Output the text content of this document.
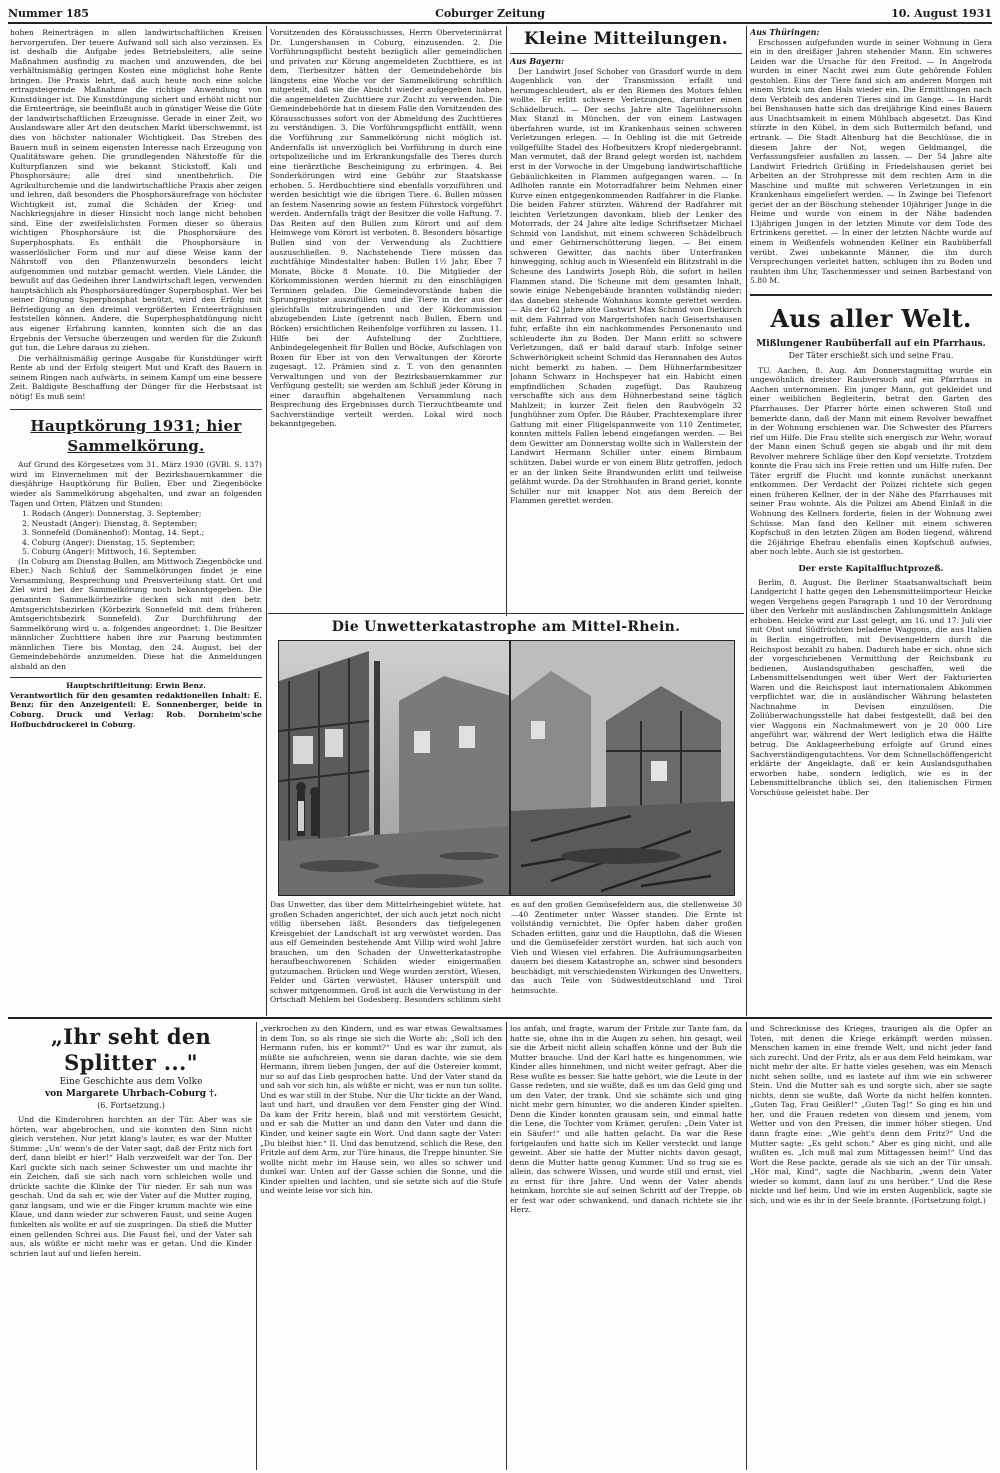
Nummer 185	Coburger Zeitung	10. August 1931

hohen Reinerträgen in allen landwirtschaftlichen Kreisen hervorgerufen. Der teuere Aufwand soll sich also verzinsen. Es ist deshalb die Aufgabe jedes Betriebsleiters, alle seine Maßnahmen ausfindig zu machen und anzuwenden, die bei verhältnismäßig geringen Kosten eine möglichst hohe Rente bringen. Die Praxis lehrt, daß auch heute noch eine solche ertragsteigernde Maßnahme die richtige Anwendung von Kunstdünger ist. Die Kunstdüngung sichert und erhöht nicht nur die Ernteerträge, sie beeinflußt auch in günstiger Weise die Güte der landwirtschaftlichen Erzeugnisse. Gerade in einer Zeit, wo Auslandsware aller Art den deutschen Markt überschwemmt, ist dies von höchster nationaler Wichtigkeit. Das Streben des Bauern muß in seinem eigensten Interesse nach Erzeugung von Qualitätsware gehen. Die grundlegenden Nährstoffe für die Kulturpflanzen sind wie bekannt Stickstoff, Kali und Phosphorsäure; alle drei sind unentbehrlich. Die Agrikulturchemie und die landwirtschaftliche Praxis aber zeigen und lehren, daß besonders die Phosphorsäurefrage von höchster Wichtigkeit ist, zumal die Schäden der Krieg- und Nachkriegsjahre in dieser Hinsicht noch lange nicht behoben sind. Eine der zweifelslichsten Formen dieser so überaus wichtigen Phosphorsäure ist die Phosphorsäure des Superphosphats. Es enthält die Phosphorsäure in wasserlöslicher Form und nur auf diese Weise kann der Nährstoff von den Pflanzenwurzeln besonders leicht aufgenommen und nutzbar gemacht werden. Viele Länder, die bewußt auf das Gedeihen ihrer Landwirtschaft legen, verwenden hauptsächlich als Phosphorsäuredünger Superphosphat. Wer bei seiner Düngung Superphosphat benützt, wird den Erfolg mit Befriedigung an den dreimal vergrößerten Ernteerträgnissen feststellen können. Andere, die Superphosphatdüngung nicht aus eigener Erfahrung kannten, konnten sich die an das Ergebnis der Versuche überzeugen und werden für die Zukunft gut tun, die Lehre daraus zu ziehen.

Die verhältnismäßig geringe Ausgabe für Kunstdünger wirft Rente ab und der Erfolg steigert Mut und Kraft des Bauern in seinem Ringen nach aufwärts, in seinem Kampf um eine bessere Zeit. Baldigste Beschaffung der Dünger für die Herbstsaat ist nötig! Es muß sein!

Hauptkörung 1931; hier Sammelkörung.

Auf Grund des Körgesetzes vom 31. März 1930 (GVBl. S. 137) wird im Einvernehmen mit der Bezirksbauernkammer die diesjährige Hauptkörung für Bullen, Eber und Ziegenböcke wieder als Sammelkörung abgehalten, und zwar an folgenden Tagen und Orten, Plätzen und Stunden:

1. Rodach (Anger): Donnerstag, 3. September;
2. Neustadt (Anger): Dienstag, 8. September;
3. Sonnefeld (Domänenhof): Montag, 14. Sept.;
4. Coburg (Anger): Dienstag, 15. September;
5. Coburg (Anger): Mittwoch, 16. September.

(In Coburg am Dienstag Bullen, am Mittwoch Ziegenböcke und Eber.) Nach Schluß der Sammelkörungen findet je eine Versammlung, Besprechung und Preisverteilung statt. Ort und Ziel wird bei der Sammelkörung noch bekanntgegeben. Die genannten Sammelkörbezirke decken sich mit den betr. Amtsgerichtsbezirken (Körbezirk Sonnefeld mit dem früheren Amtsgerichtsbezirk Sonnefeld). Zur Durchführung der Sammelkörung wird u. a. folgendes angeordnet: 1. Die Besitzer männlicher Zuchttiere haben ihre zur Paarung bestimmten männlichen Tiere bis Montag, den 24. August, bei der Gemeindebehörde anzumelden. Diese hat die Anmeldungen alsbald an den

Hauptschriftleitung: Erwin Benz.

Verantwortlich für den gesamten redaktionellen Inhalt: E. Benz; für den Anzeigenteil: E. Sonnenberger, beide in Coburg. Druck und Verlag: Rob. Dornheim'sche Hofbuchdruckerei in Coburg.

Vorsitzenden des Körausschusses, Herrn Oberveterinärrat Dr. Lungershausen in Coburg, einzusenden. 2. Die Vorführungspflicht besteht bezüglich aller gemeindlichen und privaten zur Körung angemeldeten Zuchttiere, es ist dem, Tierbesitzer hätten der Gemeindebehörde bis längstens eine Woche vor der Sammelkörung schriftlich mitgeteilt, daß sie die Absicht wieder aufgegeben haben, die angemeldeten Zuchttiere zur Zucht zu verwenden. Die Gemeindebehörde hat in diesem Falle den Vorsitzenden des Körausschusses sofort von der Abmeldung des Zuchttieres zu verständigen. 3. Die Vorführungspflicht entfällt, wenn die Vorführung zur Sammelkörung nicht möglich ist. Andernfalls ist unverzüglich bei Vorführung in durch eine ortspolizeiliche und im Erkrankungsfalle des Tieres durch eine tierärztliche Bescheinigung zu erbringen. 4. Bei Sonderkörungen wird eine Gebühr zur Staatskasse erhoben. 5. Herdbuchtiere sind ebenfalls vorzuführen und werden besichtigt wie die übrigen Tiere. 6. Bullen müssen an festem Nasenring sowie an festem Führstock vorgeführt werden. Andernfalls trägt der Besitzer die volle Haftung. 7. Das Reiten auf den Bullen zum Körort und auf dem Heimwege vom Körort ist verboten. 8. Besonders bösartige Bullen sind von der Verwendung als Zuchttiere auszuschließen. 9. Nachstehende Tiere müssen das zuchtfähige Mindestalter haben: Bullen 1½ Jahr, Eber 7 Monate, Böcke 8 Monate. 10. Die Mitglieder der Körkommissionen werden hiermit zu den einschlägigen Terminen geladen. Die Gemeindevorstände haben die Sprungregister auszufüllen und die Tiere in der aus der gleichfalls mitzubringenden und der Körkommission abzugebenden Liste (getrennt nach Bullen, Ebern und Böcken) ersichtlichen Reihenfolge vorführen zu lassen. 11. Hilfe bei der Aufstellung der Zuchttiere, Anbindegelegenheit für Bullen und Böcke, Aufschlagen von Boxen für Eber ist von den Verwaltungen der Körorte zugesagt. 12. Prämien sind z. T. von den genannten Verwaltungen und von der Bezirksbauernkammer zur Verfügung gestellt; sie werden am Schluß jeder Körung in einer daraufhin abgehaltenen Versammlung nach Besprechung des Ergebnisses durch Tierzuchtbeamte und Sachverständige verteilt werden. Lokal wird noch bekanntgegeben.

Kleine Mitteilungen.
Aus Bayern:

Der Landwirt Josef Schober von Grasdorf wurde in dem Augenblick von der Transmission erfaßt und herumgeschleudert, als er den Riemen des Motors fehlen wollte. Er erlitt schwere Verletzungen, darunter einen Schädelbruch. — Der sechs Jahre alte Tagelöhnerssohn Max Stanzl in München, der von einem Lastwagen überfahren wurde, ist im Krankenhaus seinen schweren Verletzungen erlegen. — In Oebling ist die mit Getreide vollgefüllte Stadel des Hofbesitzers Kropf niedergebrannt. Man vermutet, daß der Brand gelegt worden ist, nachdem erst in der Vorwoche in der Umgebung landwirtschaftliche Gebäulichkeiten in Flammen aufgegangen waren. — In Adlhofen rannte ein Motorradfahrer beim Nehmen einer Kurve einen entgegenkommenden Radfahrer in die Flanke. Die beiden Fahrer stürzten. Während der Radfahrer mit leichten Verletzungen davonkam, blieb der Lenker des Motorrads, der 24 Jahre alte ledige Schriftsetzer Michael Schmid von Landshut, mit einem schweren Schädelbruch und einer Gehirnerschütterung liegen. — Bei einem schweren Gewitter, das nachts über Unterfranken hinwegging, schlug auch in Wiesenfeld ein Blitzstrahl in die Scheune des Landwirts Joseph Rüb, die sofort in hellen Flammen stand. Die Scheune mit dem gesamten Inhalt, sowie einige Nebengebäude brannten vollständig nieder; das daneben stehende Wohnhaus konnte gerettet werden. — Als der 62 Jahre alte Gastwirt Max Schmid von Dietkirch mit dem Fahrrad von Margertshofen nach Geisertshausen fuhr, erfaßte ihn ein nachkommendes Personenauto und schleuderte ihn zu Boden. Der Mann erlitt so schwere Verletzungen, daß er bald darauf starb. Infolge seiner Schwerhörigkeit scheint Schmid das Herannahen des Autos nicht bemerkt zu haben. — Dem Hühnerfarmbesitzer Johann Schwarz in Hochspeyer hat ein Habicht einen empfindlichen Schaden zugefügt. Das Raubzeug verschaffte sich aus dem Hühnerbestand seine täglich Mahlzeit; in kurzer Zeit fielen den Raubvögeln 32 Junghühner zum Opfer. Die Räuber, Prachtexemplare ihrer Gattung mit einer Flügelspannweite von 110 Zentimeter, konnten mittels Fallen lebend eingefangen werden. — Bei dem Gewitter am Donnerstag wollte sich in Wallerstein der Landwirt Hermann Schiller unter einem Birnbaum schützen. Dabei wurde er von einem Blitz getroffen, jedoch er an der linken Seite Brandwunden erlitt und teilweise gelähmt wurde. Da der Strohhaufen in Brand geriet, konnte Schiller nur mit knapper Not aus dem Bereich der Flammen gerettet werden.

Aus Thüringen:

Erschossen aufgefunden wurde in seiner Wohnung in Gera ein in den dreißiger Jahren stehender Mann. Ein schweres Leiden war die Ursache für den Freitod. — In Angelroda wurden in einer Nacht zwei zum Gute gehörende Fohlen gestohlen. Eins der Tiere fand sich am anderen Morgen mit einem Strick um den Hals wieder ein. Die Ermittlungen nach dem Verbleib des anderen Tieres sind im Gange. — In Hardt bei Benshausen hatte sich das dreijährige Kind eines Bauern aus Unachtsamkeit in einem Mühlbach abgesetzt. Das Kind stürzte in den Kübel, in dem sich Buttermilch befand, und ertrank. — Die Stadt Altenburg hat die Beschlüsse, die in diesem Jahre der Not, wegen Geldmangel, die Verfassungsfeier ausfallen zu lassen. — Der 54 Jahre alte Landwirt Friedrich Grüßing in Friedelshausen geriet bei Arbeiten an der Strohpresse mit dem rechten Arm in die Maschine und mußte mit schweren Verletzungen in ein Krankenhaus eingeliefert werden. — In Zwinge bei Tiefenort geriet der an der Böschung stehender 10jähriger Junge in die Heime und wurde von einem in der Nähe badenden 13jährigen Jungen in der letzten Minute vor dem Tode des Ertrinkens gerettet. — In einer der letzten Nächte wurde auf einem in Weißenfels wohnenden Kellner ein Raubüberfall verübt. Zwei unbekannte Männer, die ihn durch Versprechungen verleitet hatten, schlugen ihn zu Boden und raubten ihm Uhr, Taschenmesser und seinen Barbestand von 5.80 M.

Aus aller Welt.
Mißlungener Raubüberfall auf ein Pfarrhaus.
Der Täter erschießt sich und seine Frau.

TU. Aachen, 8. Aug. Am Donnerstagmittag wurde ein ungewöhnlich dreister Raubversuch auf ein Pfarrhaus in Aachen unternommen. Ein junger Mann, gut gekleidet und einer weiblichen Begleiterin, betrat den Garten des Pfarrhauses. Der Pfarrer hörte einen schweren Stoß und bemerkte dann, daß der Mann mit einem Revolver bewaffnet in der Wohnung erschienen war. Die Schwester des Pfarrers rief um Hilfe. Die Frau stellte sich energisch zur Wehr, worauf der Mann einen Schuß gegen sie abgab und ihr mit dem Revolver mehrere Schläge über den Kopf versetzte. Trotzdem konnte die Frau sich ins Freie retten und um Hilfe rufen. Der Täter ergriff die Flucht und konnte zunächst unerkannt entkommen. Der Verdacht der Polizei richtete sich gegen einen früheren Kellner, der in der Nähe des Pfarrhauses mit seiner Frau wohnte. Als die Polizei am Abend Einlaß in die Wohnung des Kellners forderte, fielen in der Wohnung zwei Schüsse. Man fand den Kellner mit einem schweren Kopfschuß in den letzten Zügen am Boden liegend, während die 26jährige Ehefrau ebenfalls einen Kopfschuß aufwies, aber noch lebte. Auch sie ist gestorben.

Der erste Kapitalfluchtprozeß.

Berlin, 8. August. Die Berliner Staatsanwaltschaft beim Landgericht I hatte gegen den Lebensmittelimporteur Heicke wegen Vergehens gegen Paragraph 1 und 10 der Verordnung über den Verkehr mit ausländischen Zahlungsmitteln Anklage erhoben. Heicke wird zur Last gelegt, am 16. und 17. Juli vier mit Obst und Südfrüchten beladene Waggons, die aus Italien in Berlin eingetroffen, mit Devisengeldern durch die Reichspost bezahlt zu haben. Dadurch habe er sich, ohne sich der vorgeschriebenen Vermittlung der Reichsbank zu bedienen, Auslandsguthaben geschaffen, weil die Lebensmittelsendungen weit über Wert der Fakturierten Waren und die Reichspost laut internationalem Abkommen verpflichtet war, die in ausländischer Währung belasteten Nachnahme in Devisen einzulösen. Die Zollüberwachungsstelle hat dabei festgestellt, daß bei den vier Waggons ein Nachnahmewert von je 20 000 Lire angeführt war, während der Wert lediglich etwa die Hälfte betrug. Die Anklageerhebung erfolgte auf Grund eines Sachverständigengutachtens. Vor dem Schnellschöffengericht erklärte der Angeklagte, daß er kein Auslandsguthaben erworben habe, sondern lediglich, wie es in der Lebensmittelbranche üblich sei, den italienischen Firmen Vorschüsse geleistet habe. Der

Die Unwetterkatastrophe am Mittel-Rhein.
Das Unwetter, das über dem Mittelrheingebiet wütete, hat großen Schaden angerichtet, der sich auch jetzt noch nicht völlig übersehen läßt. Besonders das tiefgelegenen Kreisgebiet der Landschaft ist arg verwüstet worden. Das aus elf Gemeinden bestehende Amt Villip wird wohl Jahre brauchen, um den Schaden der Unwetterkatastrophe heraufbeschworenen Schäden wieder einigermaßen gutzumachen. Brücken und Wege wurden zerstört, Wiesen, Felder und Gärten verwüstet, Häuser unterspült und schwer mitgenommen. Groß ist auch die Verwüstung in der Ortschaft Mehlem bei Godesberg. Besonders schlimm sieht es auf den großen Gemüsefeldern aus, die stellenweise 30—40 Zentimeter unter Wasser standen. Die Ernte ist vollständig vernichtet. Die Opfer haben daher großen Schaden erlitten, ganz und die Hauptlohn, daß die Wiesen und die Gemüsefelder zerstört wurden, hat sich auch von Vieh und Wiesen viel erfahren. Die Aufräumungsarbeiten dauern bei diesem Katastrophe an, schwer sind besonders beschädigt, mit verschiedensten Wirkungen des Unwetters, das auch Teile von Südwestdeutschland und Tirol heimsuchte.
„Ihr seht den Splitter ..."
Eine Geschichte aus dem Volke
von Margarete Uhrbach-Coburg †.
(6. Fortsetzung.)

Und die Kinderohren horchten an der Tür. Aber was sie hörten, war abgebrochen, und sie konnten den Sinn nicht gleich verstehen. Nur jetzt klang's lauter, es war der Mutter Stimme: „Un' wenn's de der Vater sagt, daß der Fritz nich fort derf, dann bleibt er hier!“ Halb verzweifelt war der Ton. Der Karl guckte sich nach seiner Schwester um und machte ihr ein Zeichen, daß sie sich nach vorn schleichen wolle und drückte sachte die Klinke der Tür nieder. Er sah nun was geschah. Und da sah er, wie der Vater auf die Mutter zuging, ganz langsam, und wie er die Finger krumm machte wie eine Klaue, und dann wieder zur schweren Faust, und seine Augen funkelten als wollte er auf sie zuspringen. Da stieß die Mutter einen gellenden Schrei aus. Die Faust fiel, und der Vater sah aus, als wüßte er nicht mehr was er getan. Und die Kinder schrien laut auf und liefen herein.

„verkrochen zu den Kindern, und es war etwas Gewaltsames in dem Ton, so als ringe sie sich die Worte ab: „Soll ich den Hermann rufen, bis er kommt?“ Und es war ihr zumut, als müßte sie aufschreien, wenn sie daran dachte, wie sie dem Hermann, ihrem lieben Jungen, der auf die Ostereier kommt, nur so auf das Lieb gesprochen hatte. Und der Vater stand da und sah vor sich hin, als wüßte er nicht, was er nun tun sollte. Und es war still in der Stube. Nur die Uhr tickte an der Wand, laut und hart, und draußen vor dem Fenster ging der Wind. Da kam der Fritz herein, blaß und mit verstörtem Gesicht, und er sah die Mutter an und dann den Vater und dann die Kinder, und keiner sagte ein Wort. Und dann sagte der Vater: „Du bleibst hier.“ II. Und das benutzend, schlich die Rese, den Fritzle auf dem Arm, zur Türe hinaus, die Treppe hinunter. Sie wollte nicht mehr im Hause sein, wo alles so schwer und dunkel war. Unten auf der Gasse schien die Sonne, und die Kinder spielten und lachten, und sie setzte sich auf die Stufe und weinte leise vor sich hin.

los anfah, und fragte, warum der Fritzle zur Tante fam, da hatte sie, ohne ihn in die Augen zu sehen, hin gesagt, weil sie die Arbeit nicht allein schaffen könne und der Bub die Mutter brauche. Und der Karl hatte es hingenommen, wie Kinder alles hinnehmen, und nicht weiter gefragt. Aber die Rese wußte es besser. Sie hatte gehört, wie die Leute in der Gasse redeten, und sie wußte, daß es um das Geld ging und um den Vater, der trank. Und sie schämte sich und ging nicht mehr gern hinunter, wo die anderen Kinder spielten. Denn die Kinder konnten grausam sein, und einmal hatte die Lene, die Tochter vom Krämer, gerufen: „Dein Vater ist ein Säufer!“ und alle hatten gelacht. Da war die Rese fortgelaufen und hatte sich im Keller versteckt und lange geweint. Aber sie hatte der Mutter nichts davon gesagt, denn die Mutter hatte genug Kummer. Und so trug sie es allein, das schwere Wissen, und wurde still und ernst, viel zu ernst für ihre Jahre. Und wenn der Vater abends heimkam, horchte sie auf seinen Schritt auf der Treppe, ob er fest war oder schwankend, und danach richtete sie ihr Herz.

und Schrecknisse des Krieges, traurigen als die Opfer an Toten, mit denen die Kriege erkämpft werden müssen. Menschen kamen in eine fremde Welt, und nicht jeder fand sich zurecht. Und der Fritz, als er aus dem Feld heimkam, war nicht mehr der alte. Er hatte vieles gesehen, was ein Mensch nicht sehen sollte, und es lastete auf ihm wie ein schwerer Stein. Und die Mutter sah es und sorgte sich, aber sie sagte nichts, denn sie wußte, daß Worte da nicht helfen konnten. „Guten Tag, Frau Geißler!“ „Guten Tag!“ So ging es hin und her, und die Frauen redeten von diesem und jenem, vom Wetter und von den Preisen, die immer höher stiegen. Und dann fragte eine: „Wie geht's denn dem Fritz?“ Und die Mutter sagte: „Es geht schon.“ Aber es ging nicht, und alle wußten es. „Ich muß mal zum Mittagessen heim!“ Und das Wort die Rese packte, gerade als sie sich an der Tür umsah. „Hör mal, Kind“, sagte die Nachbarin, „wenn dein Vater wieder so kommt, dann lauf zu uns herüber.“ Und die Rese nickte und lief heim. Und wie im ersten Augenblick, sagte sie sich, und wie es ihr in der Seele brannte. (Fortsetzung folgt.)
